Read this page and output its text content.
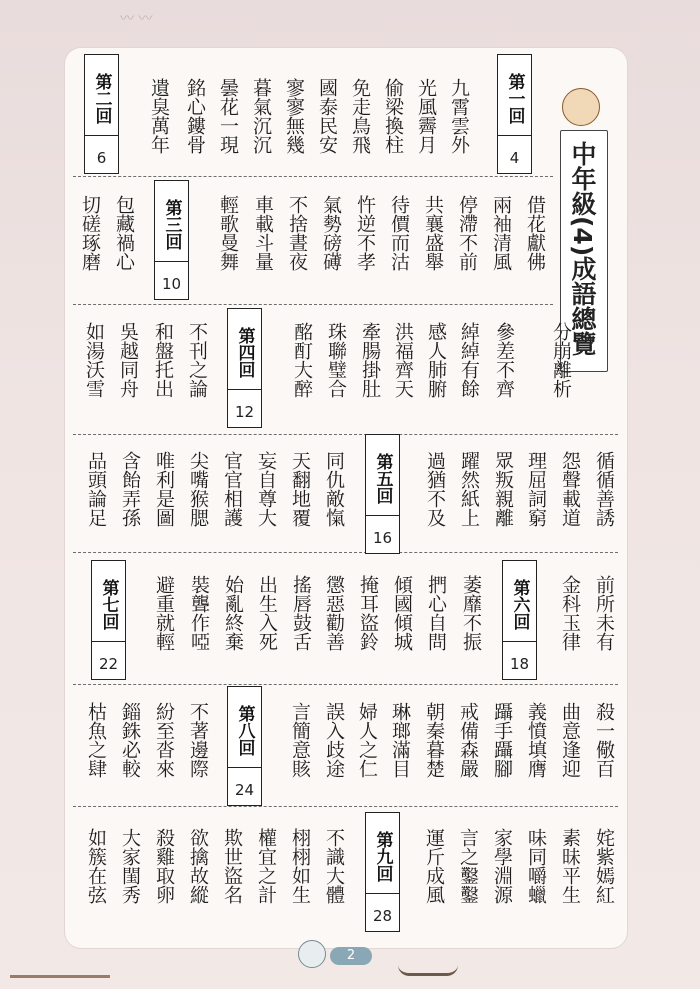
〰 〰
中年級(4)成語總覽
第一回
4
第二回
6
第三回
10
第四回
12
第五回
16
第六回
18
第七回
22
第八回
24
第九回
28
九霄雲外
光風霽月
偷梁換柱
免走鳥飛
國泰民安
寥寥無幾
暮氣沉沉
曇花一現
銘心鏤骨
遺臭萬年
借花獻佛
兩袖清風
停滯不前
共襄盛舉
待價而沽
忤逆不孝
氣勢磅礡
不捨晝夜
車載斗量
輕歌曼舞
包藏禍心
切磋琢磨
分崩離析
參差不齊
綽綽有餘
感人肺腑
洪福齊天
牽腸掛肚
珠聯璧合
酩酊大醉
不刊之論
和盤托出
吳越同舟
如湯沃雪
循循善誘
怨聲載道
理屈詞窮
眾叛親離
躍然紙上
過猶不及
同仇敵愾
天翻地覆
妄自尊大
官官相護
尖嘴猴腮
唯利是圖
含飴弄孫
品頭論足
前所未有
金科玉律
萎靡不振
捫心自問
傾國傾城
掩耳盜鈴
懲惡勸善
搖唇鼓舌
出生入死
始亂終棄
裝聾作啞
避重就輕
殺一儆百
曲意逢迎
義憤填膺
躡手躡腳
戒備森嚴
朝秦暮楚
琳瑯滿目
婦人之仁
誤入歧途
言簡意賅
不著邊際
紛至沓來
錙銖必較
枯魚之肆
姹紫嫣紅
素昧平生
味同嚼蠟
家學淵源
言之鑿鑿
運斤成風
不識大體
栩栩如生
權宜之計
欺世盜名
欲擒故縱
殺雞取卵
大家閨秀
如簇在弦
2
